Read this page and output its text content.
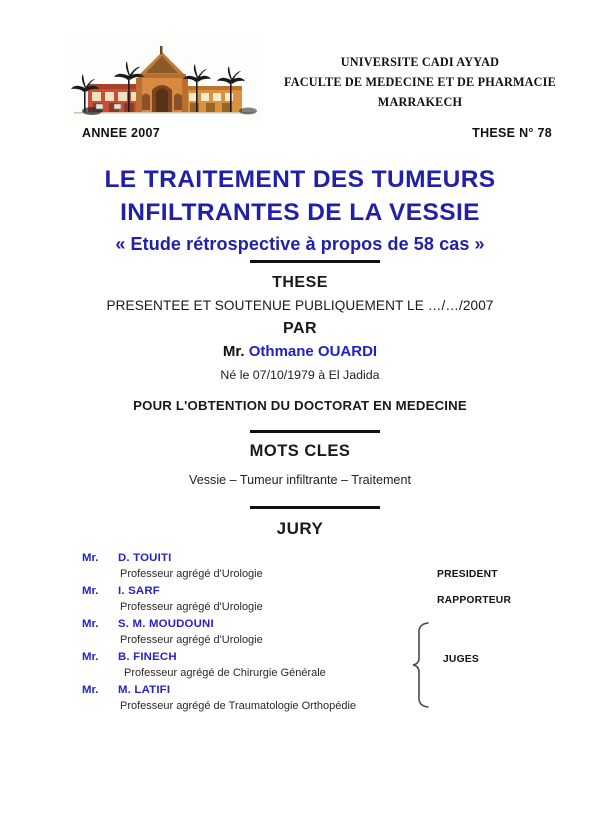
UNIVERSITE CADI AYYAD
FACULTE DE MEDECINE ET DE PHARMACIE
MARRAKECH
ANNEE 2007	THESE N° 78
LE TRAITEMENT DES TUMEURS
INFILTRANTES DE LA VESSIE
« Etude rétrospective à propos de 58 cas »
THESE
PRESENTEE ET SOUTENUE PUBLIQUEMENT LE …/…/2007
PAR
Mr. Othmane OUARDI
Né le 07/10/1979 à El Jadida
POUR L'OBTENTION DU DOCTORAT EN MEDECINE
MOTS CLES
Vessie – Tumeur infiltrante – Traitement
JURY
Mr. D. TOUITI
Professeur agrégé d'Urologie
Mr. I. SARF
Professeur agrégé d'Urologie
Mr. S. M. MOUDOUNI
Professeur agrégé d'Urologie
Mr. B. FINECH
Professeur agrégé de Chirurgie Générale
Mr. M. LATIFI
Professeur agrégé de Traumatologie Orthopédie
PRESIDENT
RAPPORTEUR
JUGES
